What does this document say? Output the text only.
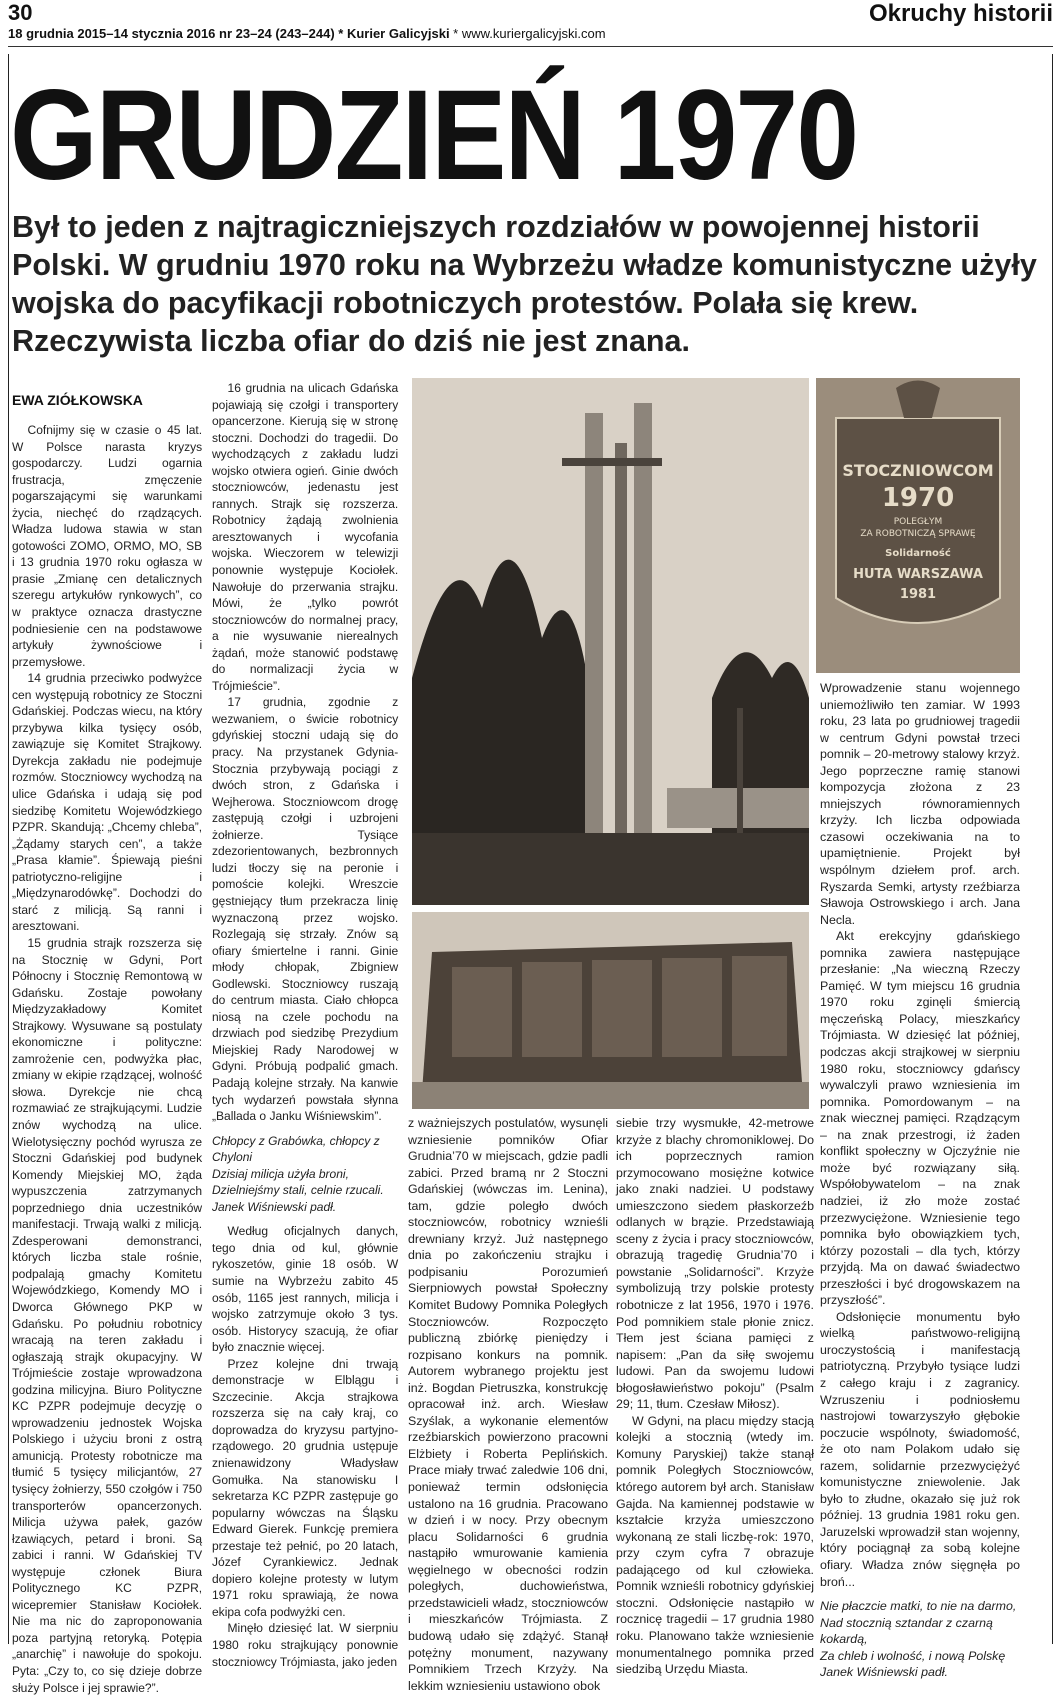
30
18 grudnia 2015–14 stycznia 2016 nr 23–24 (243–244) * Kurier Galicyjski * www.kuriergalicyjski.com
Okruchy historii
GRUDZIEŃ 1970
Był to jeden z najtragiczniejszych rozdziałów w powojennej historii Polski. W grudniu 1970 roku na Wybrzeżu władze komunistyczne użyły wojska do pacyfikacji robotniczych protestów. Polała się krew. Rzeczywista liczba ofiar do dziś nie jest znana.
EWA ZIÓŁKOWSKA

Cofnijmy się w czasie o 45 lat. W Polsce narasta kryzys gospodarczy. Ludzi ogarnia frustracja, zmęczenie pogarszającymi się warunkami życia, niechęć do rządzących. Władza ludowa stawia w stan gotowości ZOMO, ORMO, MO, SB i 13 grudnia 1970 roku ogłasza w prasie „Zmianę cen detalicznych szeregu artykułów rynkowych”, co w praktyce oznacza drastyczne podniesienie cen na podstawowe artykuły żywnościowe i przemysłowe.

14 grudnia przeciwko podwyżce cen występują robotnicy ze Stoczni Gdańskiej. Podczas wiecu, na który przybywa kilka tysięcy osób, zawiązuje się Komitet Strajkowy. Dyrekcja zakładu nie podejmuje rozmów. Stoczniowcy wychodzą na ulice Gdańska i udają się pod siedzibę Komitetu Wojewódzkiego PZPR. Skandują: „Chcemy chleba”, „Żądamy starych cen”, a także „Prasa kłamie”. Śpiewają pieśni patriotyczno-religijne i „Międzynarodówkę”. Dochodzi do starć z milicją. Są ranni i aresztowani.

15 grudnia strajk rozszerza się na Stocznię w Gdyni, Port Północny i Stocznię Remontową w Gdańsku. Zostaje powołany Międzyzakładowy Komitet Strajkowy. Wysuwane są postulaty ekonomiczne i polityczne: zamrożenie cen, podwyżka płac, zmiany w ekipie rządzącej, wolność słowa. Dyrekcje nie chcą rozmawiać ze strajkującymi. Ludzie znów wychodzą na ulice. Wielotysięczny pochód wyrusza ze Stoczni Gdańskiej pod budynek Komendy Miejskiej MO, żąda wypuszczenia zatrzymanych poprzedniego dnia uczestników manifestacji. Trwają walki z milicją. Zdesperowani demonstranci, których liczba stale rośnie, podpalają gmachy Komitetu Wojewódzkiego, Komendy MO i Dworca Głównego PKP w Gdańsku. Po południu robotnicy wracają na teren zakładu i ogłaszają strajk okupacyjny. W Trójmieście zostaje wprowadzona godzina milicyjna. Biuro Polityczne KC PZPR podejmuje decyzję o wprowadzeniu jednostek Wojska Polskiego i użyciu broni z ostrą amunicją. Protesty robotnicze ma tłumić 5 tysięcy milicjantów, 27 tysięcy żołnierzy, 550 czołgów i 750 transporterów opancerzonych. Milicja używa pałek, gazów łzawiących, petard i broni. Są zabici i ranni. W Gdańskiej TV występuje członek Biura Politycznego KC PZPR, wicepremier Stanisław Kociołek. Nie ma nic do zaproponowania poza partyjną retoryką. Potępia „anarchię” i nawołuje do spokoju. Pyta: „Czy to, co się dzieje dobrze służy Polsce i jej sprawie?”.

16 grudnia na ulicach Gdańska pojawiają się czołgi i transportery opancerzone. Kierują się w stronę stoczni. Dochodzi do tragedii. Do wychodzących z zakładu ludzi wojsko otwiera ogień. Ginie dwóch stoczniowców, jedenastu jest rannych. Strajk się rozszerza. Robotnicy żądają zwolnienia aresztowanych i wycofania wojska. Wieczorem w telewizji ponownie występuje Kociołek. Nawołuje do przerwania strajku. Mówi, że „tylko powrót stoczniowców do normalnej pracy, a nie wysuwanie nierealnych żądań, może stanowić podstawę do normalizacji życia w Trójmieście”.

17 grudnia, zgodnie z wezwaniem, o świcie robotnicy gdyńskiej stoczni udają się do pracy. Na przystanek Gdynia-Stocznia przybywają pociągi z dwóch stron, z Gdańska i Wejherowa. Stoczniowcom drogę zastępują czołgi i uzbrojeni żołnierze. Tysiące zdezorientowanych, bezbronnych ludzi tłoczy się na peronie i pomoście kolejki. Wreszcie gęstniejący tłum przekracza linię wyznaczoną przez wojsko. Rozlegają się strzały. Znów są ofiary śmiertelne i ranni. Ginie młody chłopak, Zbigniew Godlewski. Stoczniowcy ruszają do centrum miasta. Ciało chłopca niosą na czele pochodu na drzwiach pod siedzibę Prezydium Miejskiej Rady Narodowej w Gdyni. Próbują podpalić gmach. Padają kolejne strzały. Na kanwie tych wydarzeń powstała słynna „Ballada o Janku Wiśniewskim”.

Chłopcy z Grabówka, chłopcy z Chyloni
Dzisiaj milicja użyła broni,
Dzielniejśmy stali, celnie rzucali.
Janek Wiśniewski padł.

Według oficjalnych danych, tego dnia od kul, głównie rykoszetów, ginie 18 osób. W sumie na Wybrzeżu zabito 45 osób, 1165 jest rannych, milicja i wojsko zatrzymuje około 3 tys. osób. Historycy szacują, że ofiar było znacznie więcej.

Przez kolejne dni trwają demonstracje w Elblągu i Szczecinie. Akcja strajkowa rozszerza się na cały kraj, co doprowadza do kryzysu partyjno-rządowego. 20 grudnia ustępuje znienawidzony Władysław Gomułka. Na stanowisku I sekretarza KC PZPR zastępuje go popularny wówczas na Śląsku Edward Gierek. Funkcję premiera przestaje też pełnić, po 20 latach, Józef Cyrankiewicz. Jednak dopiero kolejne protesty w lutym 1971 roku sprawiają, że nowa ekipa cofa podwyżki cen.

Minęło dziesięć lat. W sierpniu 1980 roku strajkujący ponownie stoczniowcy Trójmiasta, jako jeden

STOCZNIOWCOM
1970
POLEGŁYM
ZA ROBOTNICZĄ SPRAWĘ
Solidarność
HUTA WARSZAWA
1981

z ważniejszych postulatów, wysunęli wzniesienie pomników Ofiar Grudnia’70 w miejscach, gdzie padli zabici. Przed bramą nr 2 Stoczni Gdańskiej (wówczas im. Lenina), tam, gdzie poległo dwóch stoczniowców, robotnicy wznieśli drewniany krzyż. Już następnego dnia po zakończeniu strajku i podpisaniu Porozumień Sierpniowych powstał Społeczny Komitet Budowy Pomnika Poległych Stoczniowców. Rozpoczęto publiczną zbiórkę pieniędzy i rozpisano konkurs na pomnik. Autorem wybranego projektu jest inż. Bogdan Pietruszka, konstrukcję opracował inż. arch. Wiesław Szyślak, a wykonanie elementów rzeźbiarskich powierzono pracowni Elżbiety i Roberta Peplińskich. Prace miały trwać zaledwie 106 dni, ponieważ termin odsłonięcia ustalono na 16 grudnia. Pracowano w dzień i w nocy. Przy obecnym placu Solidarności 6 grudnia nastąpiło wmurowanie kamienia węgielnego w obecności rodzin poległych, duchowieństwa, przedstawicieli władz, stoczniowców i mieszkańców Trójmiasta. Z budową udało się zdążyć. Stanął potężny monument, nazywany Pomnikiem Trzech Krzyży. Na lekkim wzniesieniu ustawiono obok

siebie trzy wysmukłe, 42-metrowe krzyże z blachy chromoniklowej. Do ich poprzecznych ramion przymocowano mosiężne kotwice jako znaki nadziei. U podstawy umieszczono siedem płaskorzeźb odlanych w brązie. Przedstawiają sceny z życia i pracy stoczniowców, obrazują tragedię Grudnia’70 i powstanie „Solidarności”. Krzyże symbolizują trzy polskie protesty robotnicze z lat 1956, 1970 i 1976. Pod pomnikiem stale płonie znicz. Tłem jest ściana pamięci z napisem: „Pan da siłę swojemu ludowi. Pan da swojemu ludowi błogosławieństwo pokoju” (Psalm 29; 11, tłum. Czesław Miłosz).

W Gdyni, na placu między stacją kolejki a stocznią (wtedy im. Komuny Paryskiej) także stanął pomnik Poległych Stoczniowców, którego autorem był arch. Stanisław Gajda. Na kamiennej podstawie w kształcie krzyża umieszczono wykonaną ze stali liczbę-rok: 1970, przy czym cyfra 7 obrazuje padającego od kul człowieka. Pomnik wznieśli robotnicy gdyńskiej stoczni. Odsłonięcie nastąpiło w rocznicę tragedii – 17 grudnia 1980 roku. Planowano także wzniesienie monumentalnego pomnika przed siedzibą Urzędu Miasta.

Wprowadzenie stanu wojennego uniemożliwiło ten zamiar. W 1993 roku, 23 lata po grudniowej tragedii w centrum Gdyni powstał trzeci pomnik – 20-metrowy stalowy krzyż. Jego poprzeczne ramię stanowi kompozycja złożona z 23 mniejszych równoramiennych krzyży. Ich liczba odpowiada czasowi oczekiwania na to upamiętnienie. Projekt był wspólnym dziełem prof. arch. Ryszarda Semki, artysty rzeźbiarza Sławoja Ostrowskiego i arch. Jana Necla.

Akt erekcyjny gdańskiego pomnika zawiera następujące przesłanie: „Na wieczną Rzeczy Pamięć. W tym miejscu 16 grudnia 1970 roku zginęli śmiercią męczeńską Polacy, mieszkańcy Trójmiasta. W dziesięć lat później, podczas akcji strajkowej w sierpniu 1980 roku, stoczniowcy gdańscy wywalczyli prawo wzniesienia im pomnika. Pomordowanym – na znak wiecznej pamięci. Rządzącym – na znak przestrogi, iż żaden konflikt społeczny w Ojczyźnie nie może być rozwiązany siłą. Współobywatelom – na znak nadziei, iż zło może zostać przezwyciężone. Wzniesienie tego pomnika było obowiązkiem tych, którzy pozostali – dla tych, którzy przyjdą. Ma on dawać świadectwo przeszłości i być drogowskazem na przyszłość”.

Odsłonięcie monumentu było wielką państwowo-religijną uroczystością i manifestacją patriotyczną. Przybyło tysiące ludzi z całego kraju i z zagranicy. Wzruszeniu i podniosłemu nastrojowi towarzyszyło głębokie poczucie wspólnoty, świadomość, że oto nam Polakom udało się razem, solidarnie przezwyciężyć komunistyczne zniewolenie. Jak było to złudne, okazało się już rok później. 13 grudnia 1981 roku gen. Jaruzelski wprowadził stan wojenny, który pociągnął za sobą kolejne ofiary. Władza znów sięgnęła po broń...

Nie płaczcie matki, to nie na darmo,
Nad stocznią sztandar z czarną kokardą,
Za chleb i wolność, i nową Polskę
Janek Wiśniewski padł.
